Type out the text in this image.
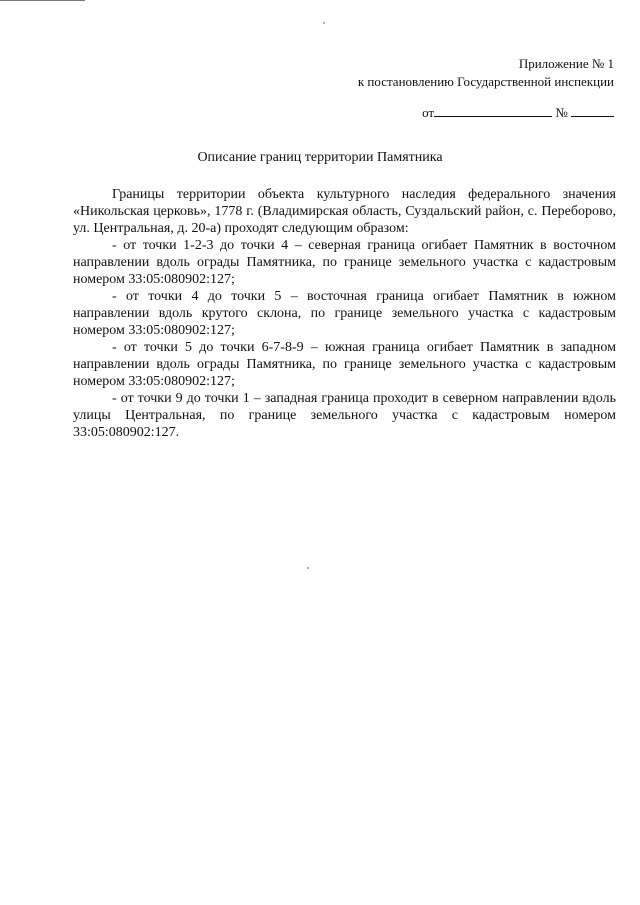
Приложение № 1
к постановлению Государственной инспекции
от	№
Описание границ территории Памятника

Границы территории объекта культурного наследия федерального значения «Никольская церковь», 1778 г. (Владимирская область, Суздальский район, с. Переборово, ул. Центральная, д. 20-а) проходят следующим образом:

- от точки 1-2-3 до точки 4 – северная граница огибает Памятник в восточном направлении вдоль ограды Памятника, по границе земельного участка с кадастровым номером 33:05:080902:127;

- от точки 4 до точки 5 – восточная граница огибает Памятник в южном направлении вдоль крутого склона, по границе земельного участка с кадастровым номером 33:05:080902:127;

- от точки 5 до точки 6-7-8-9 – южная граница огибает Памятник в западном направлении вдоль ограды Памятника, по границе земельного участка с кадастровым номером 33:05:080902:127;

- от точки 9 до точки 1 – западная граница проходит в северном направлении вдоль улицы Центральная, по границе земельного участка с кадастровым номером 33:05:080902:127.
